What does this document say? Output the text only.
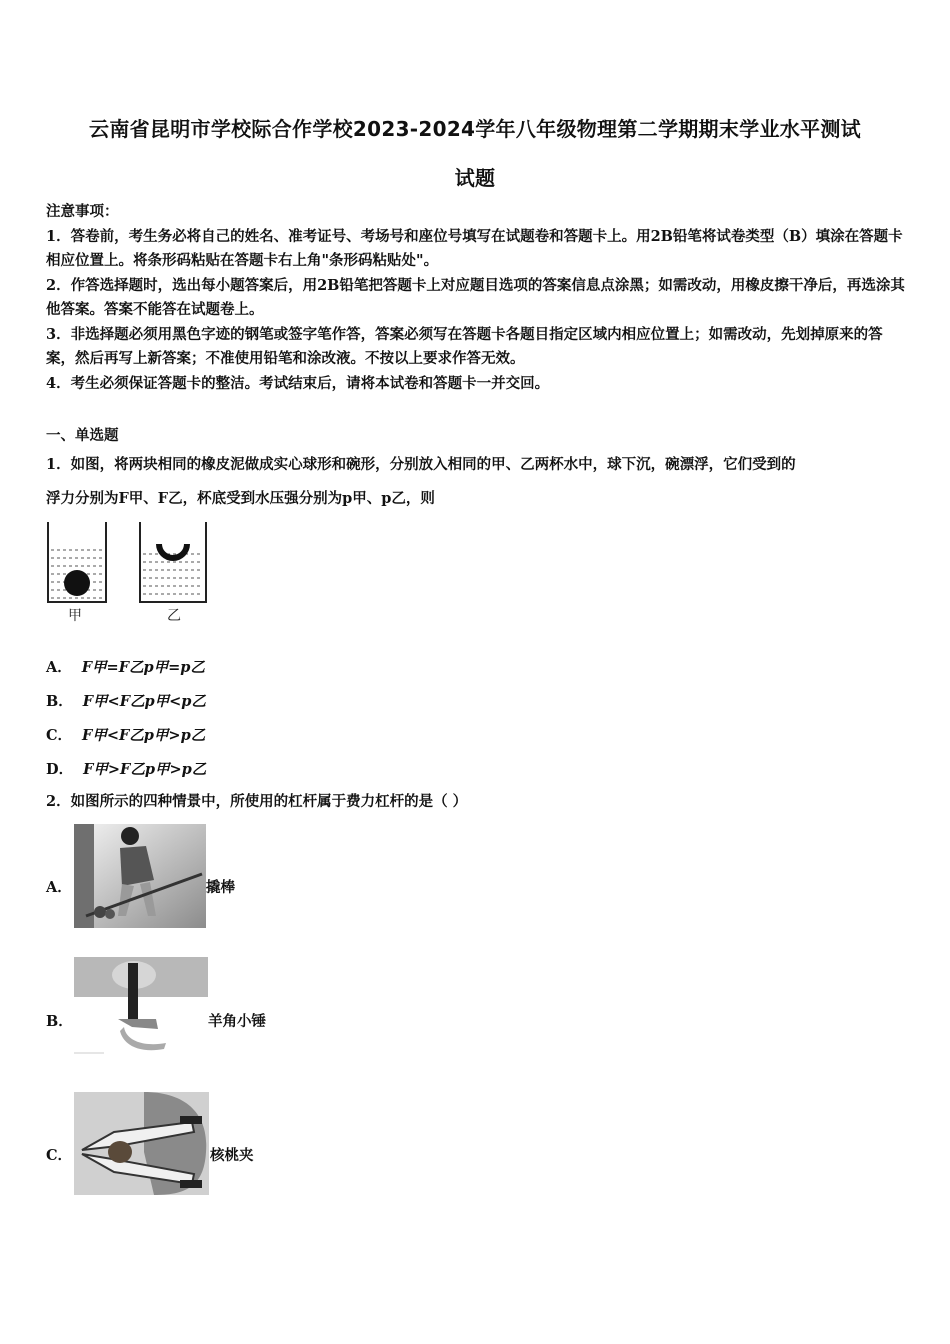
云南省昆明市学校际合作学校2023-2024学年八年级物理第二学期期末学业水平测试
试题

注意事项：

1．答卷前，考生务必将自己的姓名、准考证号、考场号和座位号填写在试题卷和答题卡上。用2B铅笔将试卷类型（B）填涂在答题卡相应位置上。将条形码粘贴在答题卡右上角"条形码粘贴处"。

2．作答选择题时，选出每小题答案后，用2B铅笔把答题卡上对应题目选项的答案信息点涂黑；如需改动，用橡皮擦干净后，再选涂其他答案。答案不能答在试题卷上。

3．非选择题必须用黑色字迹的钢笔或签字笔作答，答案必须写在答题卡各题目指定区域内相应位置上；如需改动，先划掉原来的答案，然后再写上新答案；不准使用铅笔和涂改液。不按以上要求作答无效。

4．考生必须保证答题卡的整洁。考试结束后，请将本试卷和答题卡一并交回。

一、单选题
1．如图，将两块相同的橡皮泥做成实心球形和碗形，分别放入相同的甲、乙两杯水中，球下沉，碗漂浮，它们受到的
浮力分别为F甲、F乙，杯底受到水压强分别为p甲、p乙，则
甲	乙
A． F甲=F乙p甲=p乙
B． F甲<F乙p甲<p乙
C． F甲<F乙p甲>p乙
D． F甲>F乙p甲>p乙
2．如图所示的四种情景中，所使用的杠杆属于费力杠杆的是（ ）
A．	撬棒
B．	羊角小锤
C．	核桃夹
